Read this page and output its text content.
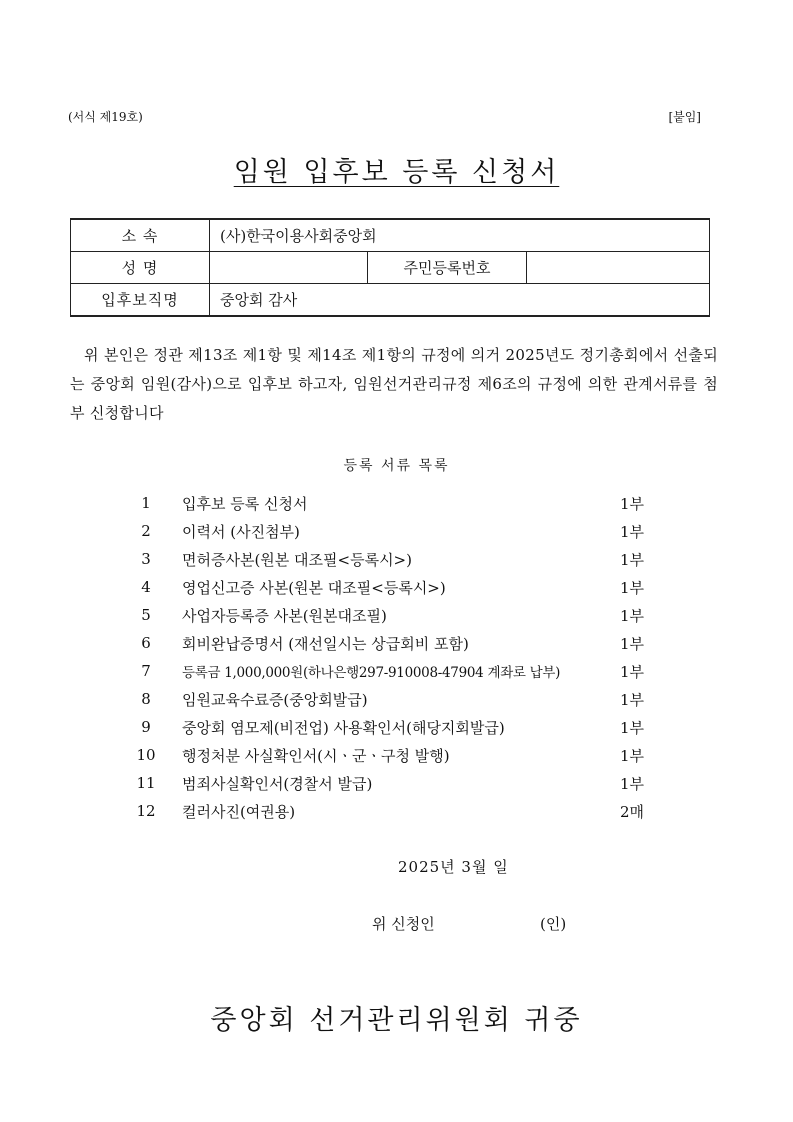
(서식 제19호)	[붙임]
임원 입후보 등록 신청서
소 속	(사)한국이용사회중앙회		
성 명		주민등록번호	
입후보직명	중앙회 감사		
위 본인은 정관 제13조 제1항 및 제14조 제1항의 규정에 의거 2025년도 정기총회에서 선출되는 중앙회 임원(감사)으로 입후보 하고자, 임원선거관리규정 제6조의 규정에 의한 관계서류를 첨부 신청합니다
등록 서류 목록
1	입후보 등록 신청서	1부
2	이력서 (사진첨부)	1부
3	면허증사본(원본 대조필<등록시>)	1부
4	영업신고증 사본(원본 대조필<등록시>)	1부
5	사업자등록증 사본(원본대조필)	1부
6	회비완납증명서 (재선일시는 상급회비 포함)	1부
7	등록금 1,000,000원(하나은행297-910008-47904 계좌로 납부)	1부
8	임원교육수료증(중앙회발급)	1부
9	중앙회 염모제(비전업) 사용확인서(해당지회발급)	1부
10	행정처분 사실확인서(시ㆍ군ㆍ구청 발행)	1부
11	범죄사실확인서(경찰서 발급)	1부
12	컬러사진(여권용)	2매
2025년 3월 일
위 신청인	(인)
중앙회 선거관리위원회 귀중
